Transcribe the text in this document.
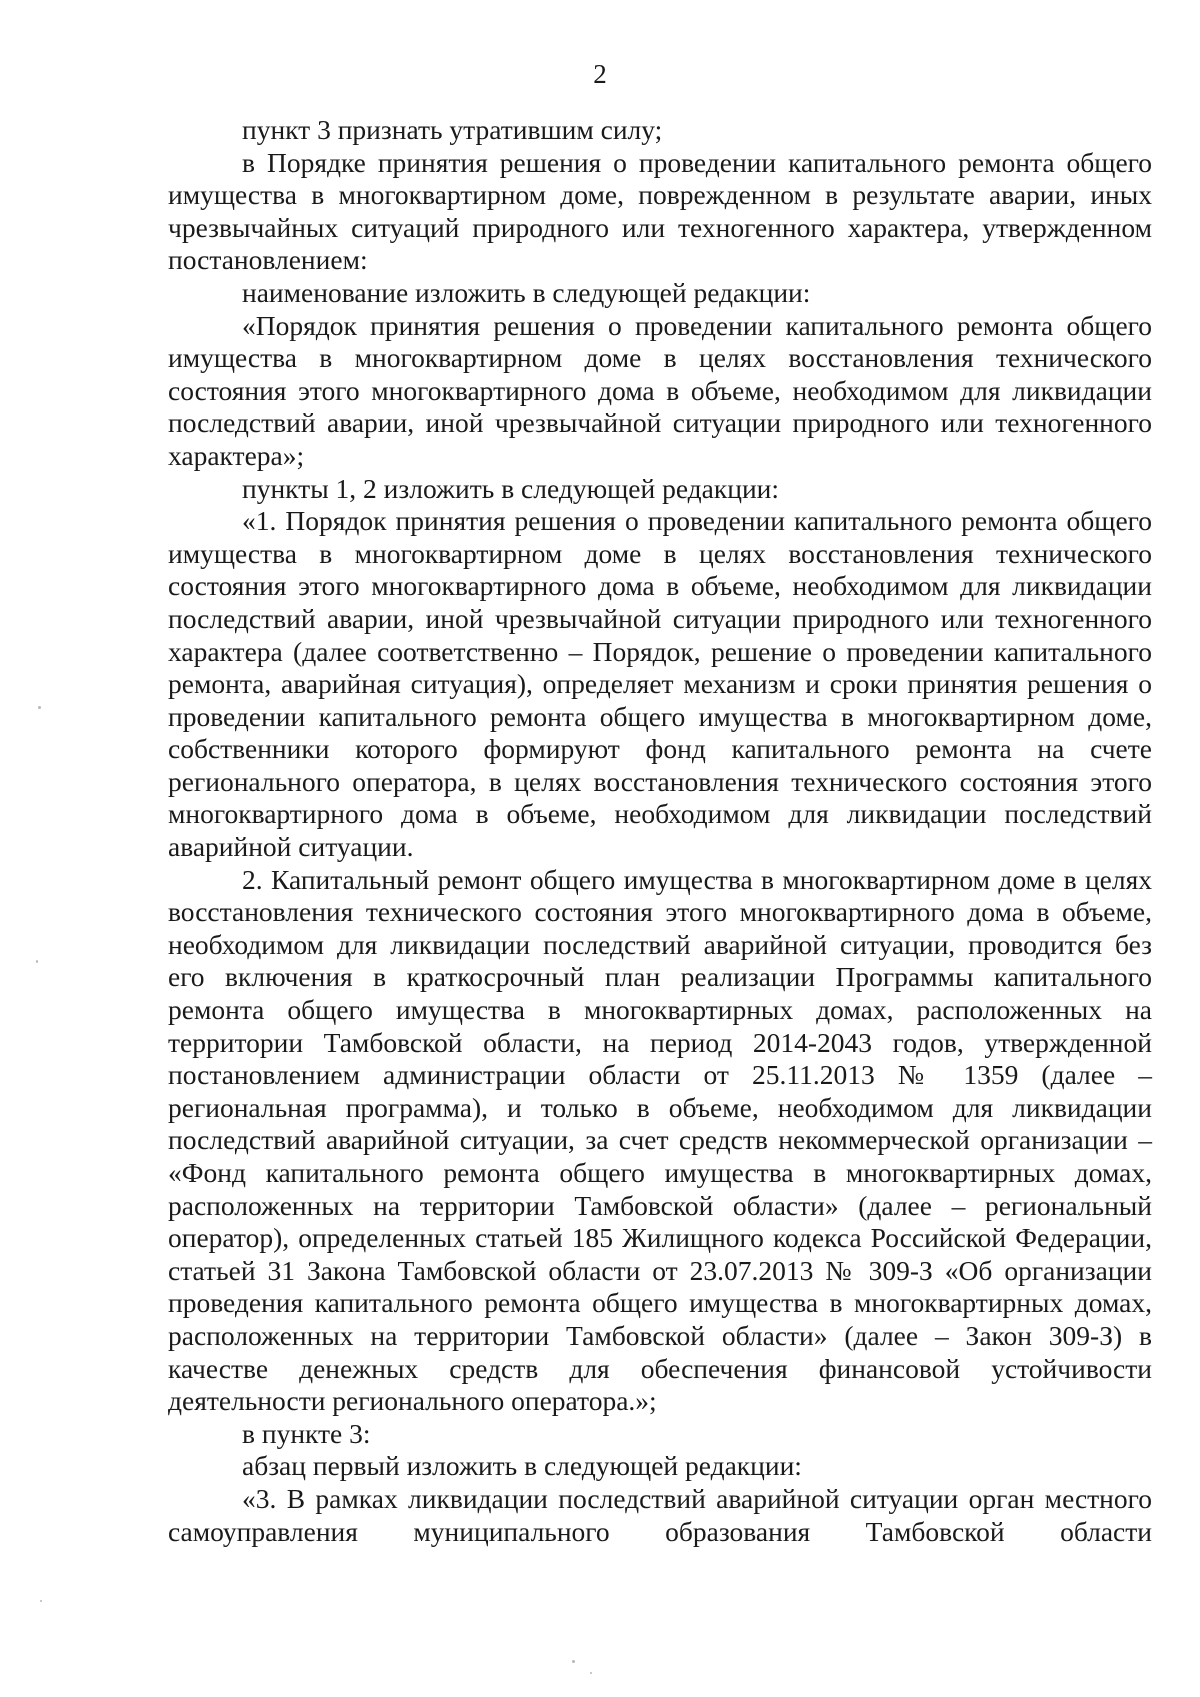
2

пункт 3 признать утратившим силу;

в Порядке принятия решения о проведении капитального ремонта общего имущества в многоквартирном доме, поврежденном в результате аварии, иных чрезвычайных ситуаций природного или техногенного характера, утвержденном постановлением:

наименование изложить в следующей редакции:

«Порядок принятия решения о проведении капитального ремонта общего имущества в многоквартирном доме в целях восстановления технического состояния этого многоквартирного дома в объеме, необходимом для ликвидации последствий аварии, иной чрезвычайной ситуации природного или техногенного характера»;

пункты 1, 2 изложить в следующей редакции:

«1. Порядок принятия решения о проведении капитального ремонта общего имущества в многоквартирном доме в целях восстановления технического состояния этого многоквартирного дома в объеме, необходимом для ликвидации последствий аварии, иной чрезвычайной ситуации природного или техногенного характера (далее соответственно – Порядок, решение о проведении капитального ремонта, аварийная ситуация), определяет механизм и сроки принятия решения о проведении капитального ремонта общего имущества в многоквартирном доме, собственники которого формируют фонд капитального ремонта на счете регионального оператора, в целях восстановления технического состояния этого многоквартирного дома в объеме, необходимом для ликвидации последствий аварийной ситуации.

2. Капитальный ремонт общего имущества в многоквартирном доме в целях восстановления технического состояния этого многоквартирного дома в объеме, необходимом для ликвидации последствий аварийной ситуации, проводится без его включения в краткосрочный план реализации Программы капитального ремонта общего имущества в многоквартирных домах, расположенных на территории Тамбовской области, на период 2014-2043 годов, утвержденной постановлением администрации области от 25.11.2013 № 1359 (далее – региональная программа), и только в объеме, необходимом для ликвидации последствий аварийной ситуации, за счет средств некоммерческой организации – «Фонд капитального ремонта общего имущества в многоквартирных домах, расположенных на территории Тамбовской области» (далее – региональный оператор), определенных статьей 185 Жилищного кодекса Российской Федерации, статьей 31 Закона Тамбовской области от 23.07.2013 № 309-З «Об организации проведения капитального ремонта общего имущества в многоквартирных домах, расположенных на территории Тамбовской области» (далее – Закон 309-З) в качестве денежных средств для обеспечения финансовой устойчивости деятельности регионального оператора.»;

в пункте 3:

абзац первый изложить в следующей редакции:

«3. В рамках ликвидации последствий аварийной ситуации орган местного самоуправления муниципального образования Тамбовской области
